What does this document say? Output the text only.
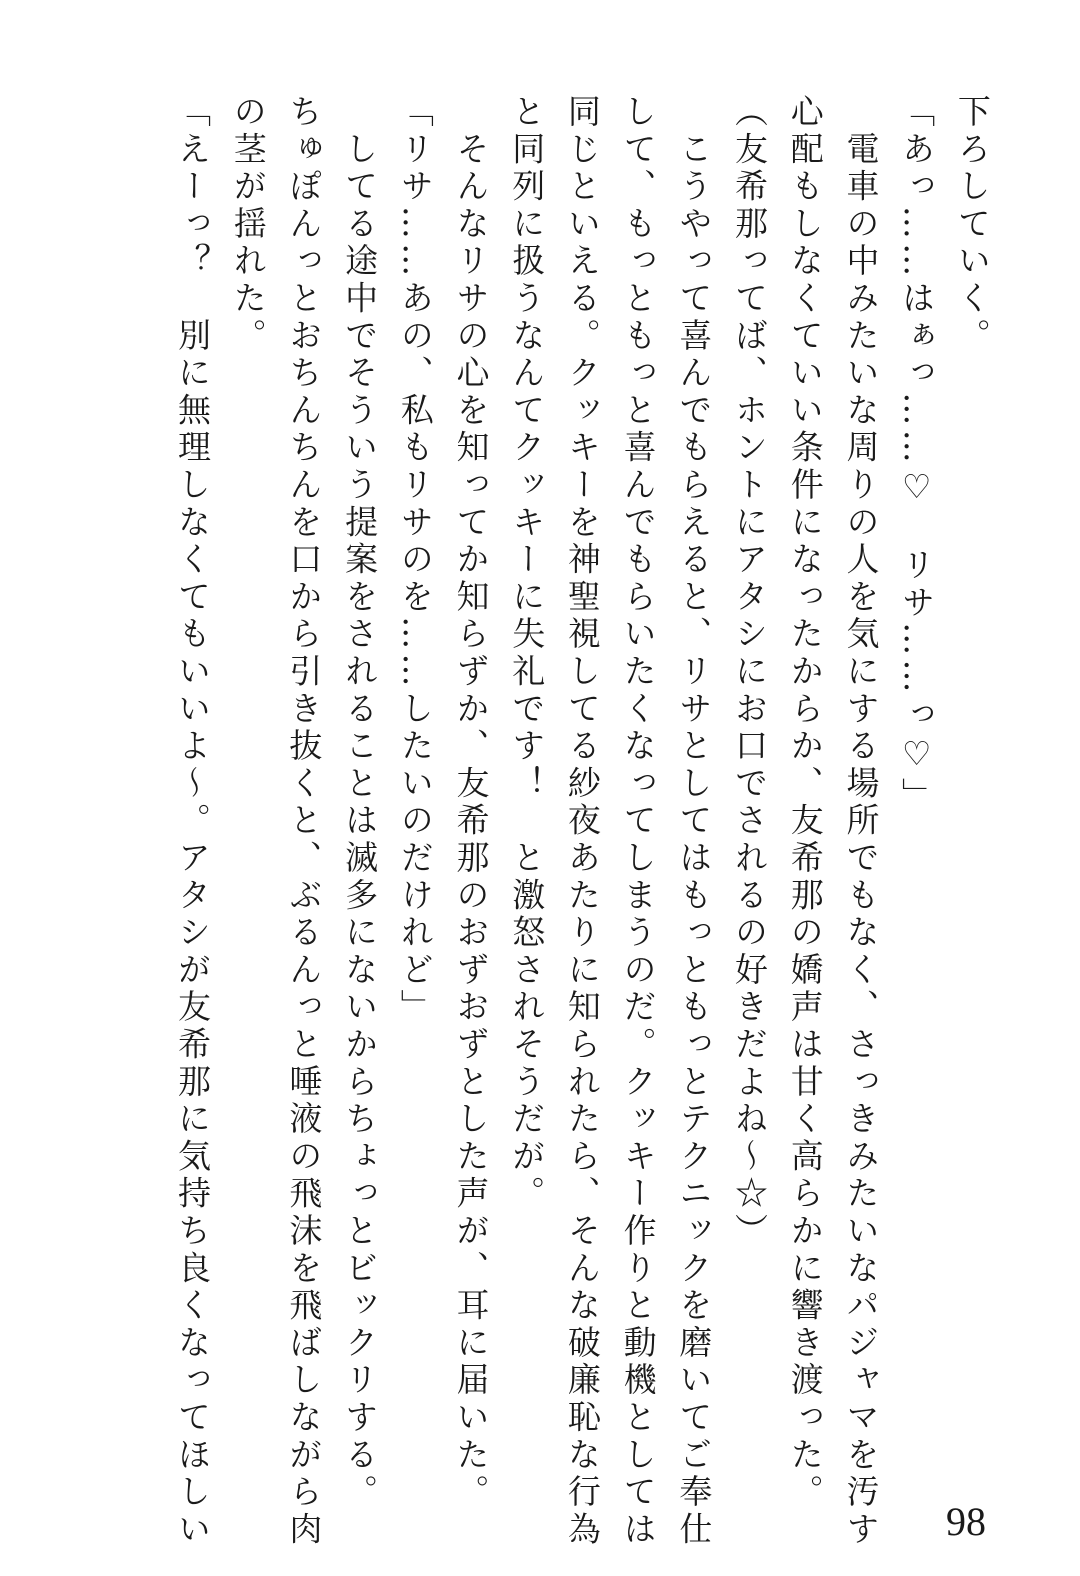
下ろしていく。
「あっ……はぁっ……♡　リサ……っ♡」
　電車の中みたいな周りの人を気にする場所でもなく、さっきみたいなパジャマを汚す
心配もしなくていい条件になったからか、友希那の嬌声は甘く高らかに響き渡った。
（友希那ってば、ホントにアタシにお口でされるの好きだよね～☆）
　こうやって喜んでもらえると、リサとしてはもっともっとテクニックを磨いてご奉仕
して、もっともっと喜んでもらいたくなってしまうのだ。クッキー作りと動機としては
同じといえる。クッキーを神聖視してる紗夜あたりに知られたら、そんな破廉恥な行為
と同列に扱うなんてクッキーに失礼です！　と激怒されそうだが。
　そんなリサの心を知ってか知らずか、友希那のおずおずとした声が、耳に届いた。
「リサ……あの、私もリサのを……したいのだけれど」
　してる途中でそういう提案をされることは滅多にないからちょっとビックリする。
ちゅぽんっとおちんちんを口から引き抜くと、ぶるんっと唾液の飛沫を飛ばしながら肉
の茎が揺れた。
「えーっ？　別に無理しなくてもいいよ～。アタシが友希那に気持ち良くなってほしい	98
